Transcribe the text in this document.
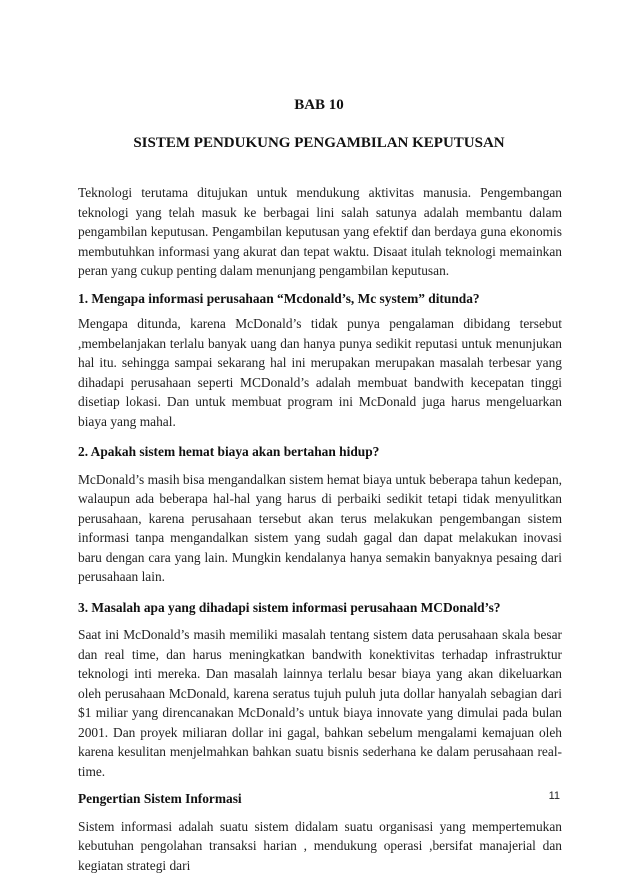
BAB 10
SISTEM PENDUKUNG PENGAMBILAN KEPUTUSAN

Teknologi terutama ditujukan untuk mendukung aktivitas manusia. Pengembangan teknologi yang telah masuk ke berbagai lini salah satunya adalah membantu dalam pengambilan keputusan. Pengambilan keputusan yang efektif dan berdaya guna ekonomis membutuhkan informasi yang akurat dan tepat waktu. Disaat itulah teknologi memainkan peran yang cukup penting dalam menunjang pengambilan keputusan.

1. Mengapa informasi perusahaan “Mcdonald’s, Mc system” ditunda?

Mengapa ditunda, karena McDonald’s tidak punya pengalaman dibidang tersebut ,membelanjakan terlalu banyak uang dan hanya punya sedikit reputasi untuk menunjukan hal itu. sehingga sampai sekarang hal ini merupakan merupakan masalah terbesar yang dihadapi perusahaan seperti MCDonald’s adalah membuat bandwith kecepatan tinggi disetiap lokasi. Dan untuk membuat program ini McDonald juga harus mengeluarkan biaya yang mahal.

2. Apakah sistem hemat biaya akan bertahan hidup?

McDonald’s masih bisa mengandalkan sistem hemat biaya untuk beberapa tahun kedepan, walaupun ada beberapa hal-hal yang harus di perbaiki sedikit tetapi tidak menyulitkan perusahaan, karena perusahaan tersebut akan terus melakukan pengembangan sistem informasi tanpa mengandalkan sistem yang sudah gagal dan dapat melakukan inovasi baru dengan cara yang lain. Mungkin kendalanya hanya semakin banyaknya pesaing dari perusahaan lain.

3. Masalah apa yang dihadapi sistem informasi perusahaan MCDonald’s?

Saat ini McDonald’s masih memiliki masalah tentang sistem data perusahaan skala besar dan real time, dan harus meningkatkan bandwith konektivitas terhadap infrastruktur teknologi inti mereka. Dan masalah lainnya terlalu besar biaya yang akan dikeluarkan oleh perusahaan McDonald, karena seratus tujuh puluh juta dollar hanyalah sebagian dari $1 miliar yang direncanakan McDonald’s untuk biaya innovate yang dimulai pada bulan 2001. Dan proyek miliaran dollar ini gagal, bahkan sebelum mengalami kemajuan oleh karena kesulitan menjelmahkan bahkan suatu bisnis sederhana ke dalam perusahaan real-time.

Pengertian Sistem Informasi

Sistem informasi adalah suatu sistem didalam suatu organisasi yang mempertemukan kebutuhan pengolahan transaksi harian , mendukung operasi ,bersifat manajerial dan kegiatan strategi dari

11
